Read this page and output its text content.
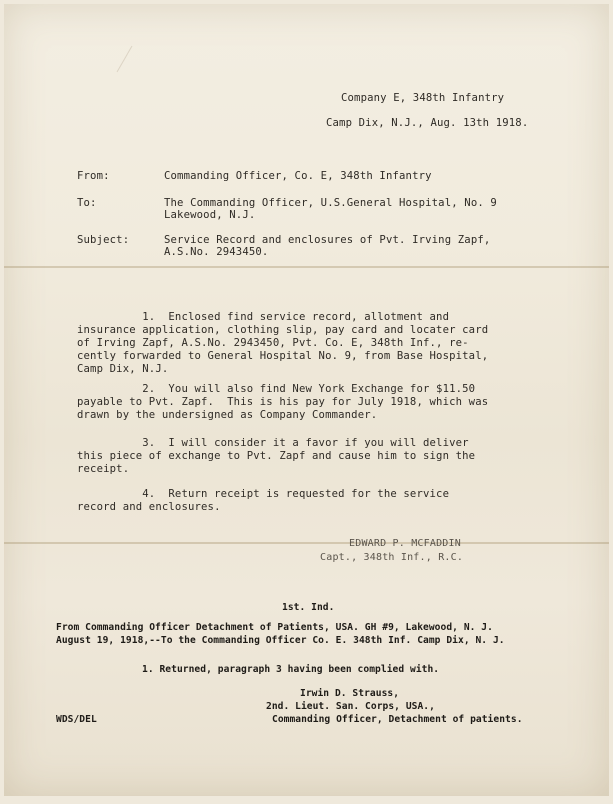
Company E, 348th Infantry
Camp Dix, N.J., Aug. 13th 1918.
From:	Commanding Officer, Co. E, 348th Infantry
To:	The Commanding Officer, U.S.General Hospital, No. 9
Lakewood, N.J.
Subject:	Service Record and enclosures of Pvt. Irving Zapf,
A.S.No. 2943450.
1.  Enclosed find service record, allotment and
insurance application, clothing slip, pay card and locater card
of Irving Zapf, A.S.No. 2943450, Pvt. Co. E, 348th Inf., re-
cently forwarded to General Hospital No. 9, from Base Hospital,
Camp Dix, N.J.
2.  You will also find New York Exchange for $11.50
payable to Pvt. Zapf.  This is his pay for July 1918, which was
drawn by the undersigned as Company Commander.
3.  I will consider it a favor if you will deliver
this piece of exchange to Pvt. Zapf and cause him to sign the
receipt.
4.  Return receipt is requested for the service
record and enclosures.
EDWARD P. MCFADDIN
Capt., 348th Inf., R.C.
1st. Ind.
From Commanding Officer Detachment of Patients, USA. GH #9, Lakewood, N. J.
August 19, 1918,--To the Commanding Officer Co. E. 348th Inf. Camp Dix, N. J.
1. Returned, paragraph 3 having been complied with.
Irwin D. Strauss,
2nd. Lieut. San. Corps, USA.,
Commanding Officer, Detachment of patients.
WDS/DEL
